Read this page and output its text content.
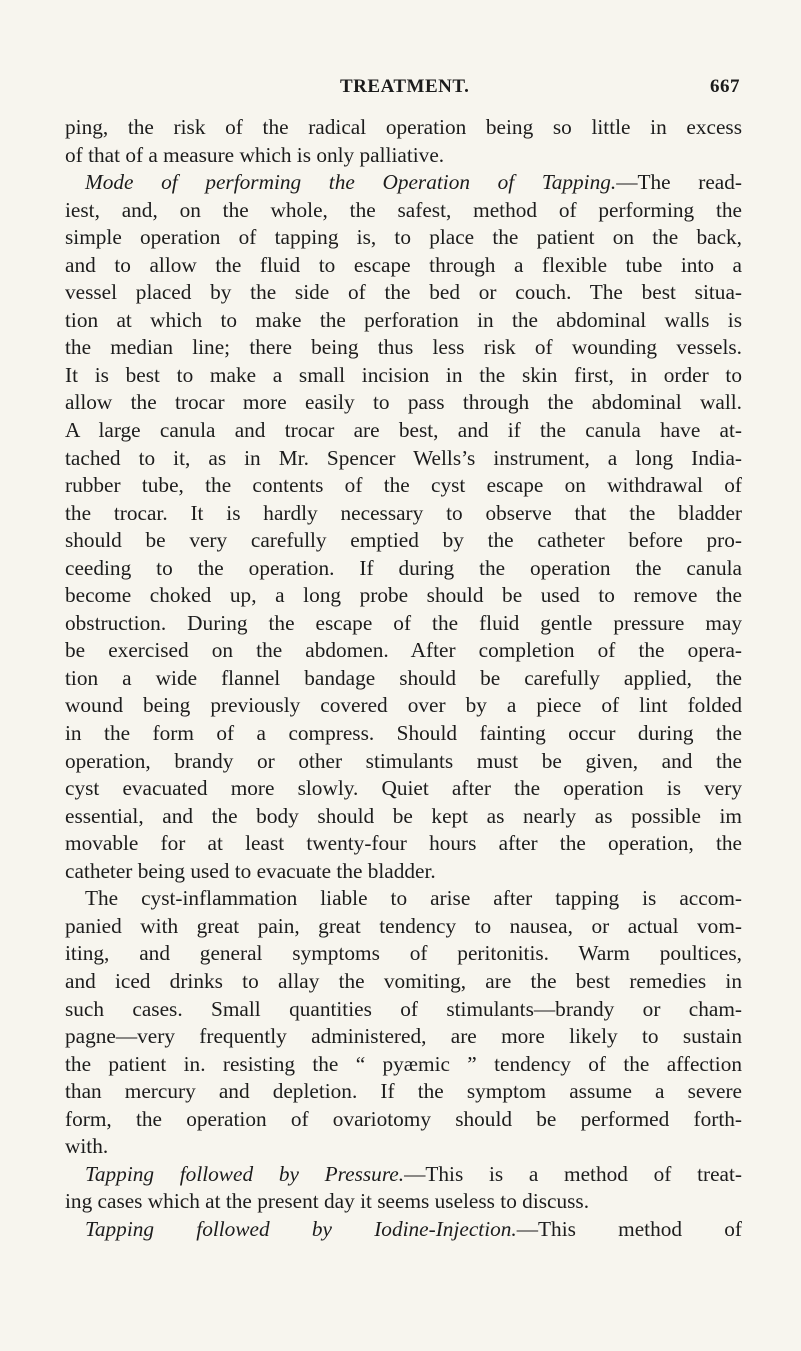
TREATMENT.	667
ping, the risk of the radical operation being so little in excess
of that of a measure which is only palliative.
Mode of performing the Operation of Tapping.—The read-
iest, and, on the whole, the safest, method of performing the
simple operation of tapping is, to place the patient on the back,
and to allow the fluid to escape through a flexible tube into a
vessel placed by the side of the bed or couch. The best situa-
tion at which to make the perforation in the abdominal walls is
the median line; there being thus less risk of wounding vessels.
It is best to make a small incision in the skin first, in order to
allow the trocar more easily to pass through the abdominal wall.
A large canula and trocar are best, and if the canula have at-
tached to it, as in Mr. Spencer Wells’s instrument, a long India-
rubber tube, the contents of the cyst escape on withdrawal of
the trocar. It is hardly necessary to observe that the bladder
should be very carefully emptied by the catheter before pro-
ceeding to the operation. If during the operation the canula
become choked up, a long probe should be used to remove the
obstruction. During the escape of the fluid gentle pressure may
be exercised on the abdomen. After completion of the opera-
tion a wide flannel bandage should be carefully applied, the
wound being previously covered over by a piece of lint folded
in the form of a compress. Should fainting occur during the
operation, brandy or other stimulants must be given, and the
cyst evacuated more slowly. Quiet after the operation is very
essential, and the body should be kept as nearly as possible im
movable for at least twenty-four hours after the operation, the
catheter being used to evacuate the bladder.
The cyst-inflammation liable to arise after tapping is accom-
panied with great pain, great tendency to nausea, or actual vom-
iting, and general symptoms of peritonitis. Warm poultices,
and iced drinks to allay the vomiting, are the best remedies in
such cases. Small quantities of stimulants—brandy or cham-
pagne—very frequently administered, are more likely to sustain
the patient in. resisting the “ pyæmic ” tendency of the affection
than mercury and depletion. If the symptom assume a severe
form, the operation of ovariotomy should be performed forth-
with.
Tapping followed by Pressure.—This is a method of treat-
ing cases which at the present day it seems useless to discuss.
Tapping followed by Iodine-Injection.—This method of
